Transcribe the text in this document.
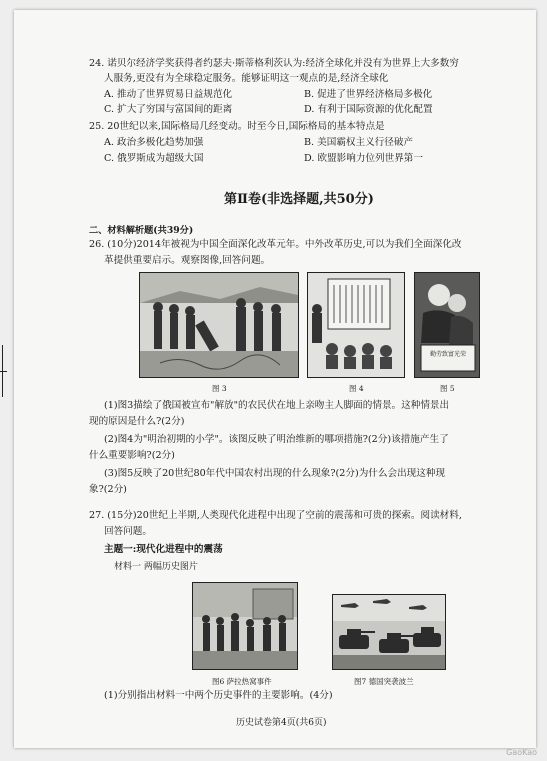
24. 诺贝尔经济学奖获得者约瑟夫·斯蒂格利茨认为:经济全球化并没有为世界上大多数穷
人服务,更没有为全球稳定服务。能够证明这一观点的是,经济全球化
A. 推动了世界贸易日益规范化	B. 促进了世界经济格局多极化
C. 扩大了穷国与富国间的距离	D. 有利于国际资源的优化配置
25. 20世纪以来,国际格局几经变动。时至今日,国际格局的基本特点是
A. 政治多极化趋势加强	B. 美国霸权主义行径破产
C. 俄罗斯成为超级大国	D. 欧盟影响力位列世界第一
第Ⅱ卷(非选择题,共50分)
二、材料解析题(共39分)
26. (10分)2014年被视为中国全面深化改革元年。中外改革历史,可以为我们全面深化改
革提供重要启示。观察图像,回答问题。
图 3	图 4
勤劳致富光荣
图 5
(1)图3描绘了俄国被宣布"解放"的农民伏在地上亲吻主人脚面的情景。这种情景出
现的原因是什么?(2分)
(2)图4为"明治初期的小学"。该图反映了明治维新的哪项措施?(2分)该措施产生了
什么重要影响?(2分)
(3)图5反映了20世纪80年代中国农村出现的什么现象?(2分)为什么会出现这种现
象?(2分)
27. (15分)20世纪上半期,人类现代化进程中出现了空前的震荡和可贵的探索。阅读材料,
回答问题。
主题一:现代化进程中的震荡
材料一 两幅历史图片
图6 萨拉热窝事件	图7 德国突袭波兰
(1)分别指出材料一中两个历史事件的主要影响。(4分)
历史试卷第4页(共6页)
GaoKao
